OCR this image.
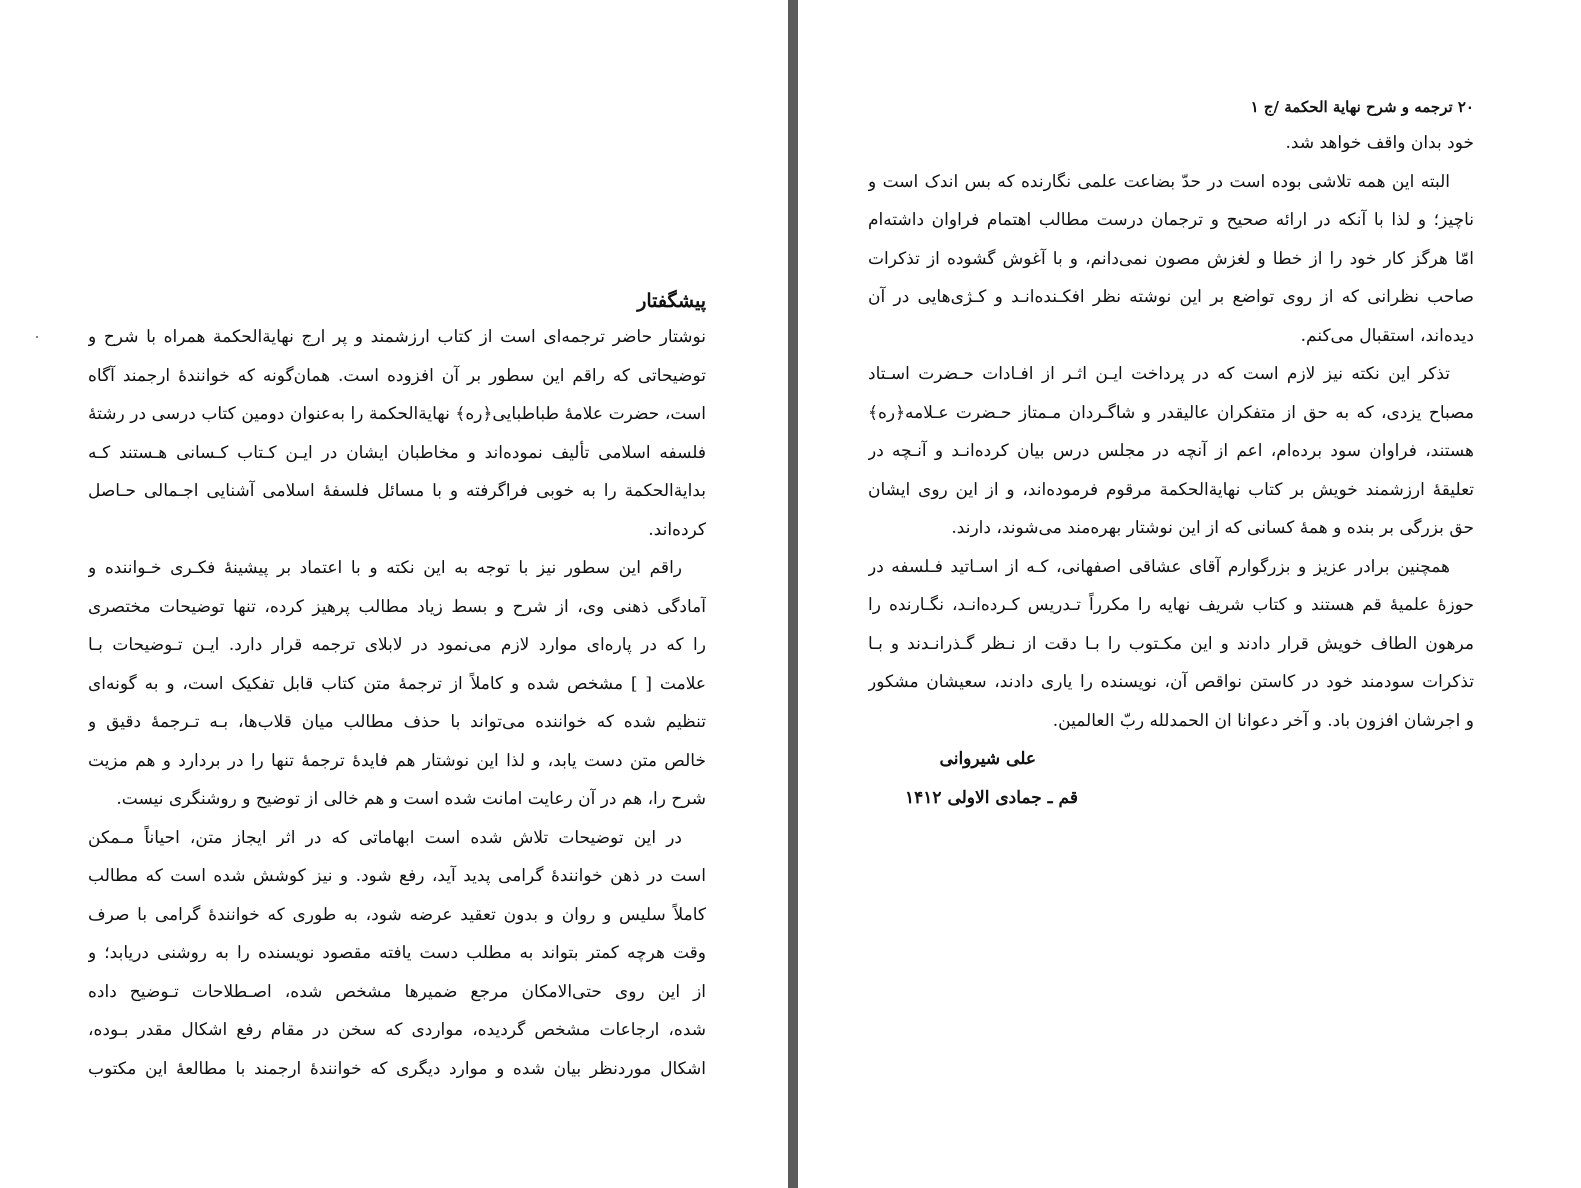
پیشگفتار
نوشتار حاضر ترجمه‌ای است از کتاب ارزشمند و پر ارج نهایةالحکمة همراه با شرح و
توضیحاتی که راقم این سطور بر آن افزوده است. همان‌گونه که خوانندهٔ ارجمند آگاه
است، حضرت علامهٔ طباطبایی﴿ره﴾ نهایةالحکمة را به‌عنوان دومین کتاب درسی در رشتهٔ
فلسفه اسلامی تألیف نموده‌اند و مخاطبان ایشان در ایـن کـتاب کـسانی هـستند کـه
بدایةالحکمة را به خوبی فراگرفته و با مسائل فلسفهٔ اسلامی آشنایی اجـمالی حـاصل
کرده‌اند.
راقم این سطور نیز با توجه به این نکته و با اعتماد بر پیشینهٔ فکـری خـواننده و
آمادگی ذهنی وی، از شرح و بسط زیاد مطالب پرهیز کرده، تنها توضیحات مختصری
را که در پاره‌ای موارد لازم می‌نمود در لابلای ترجمه قرار دارد. ایـن تـوضیحات بـا
علامت [ ] مشخص شده و کاملاً از ترجمهٔ متن کتاب قابل تفکیک است، و به گونه‌ای
تنظیم شده که خواننده می‌تواند با حذف مطالب میان قلاب‌ها، بـه تـرجمهٔ دقیق و
خالص متن دست یابد، و لذا این نوشتار هم فایدهٔ ترجمهٔ تنها را در بردارد و هم مزیت
شرح را، هم در آن رعایت امانت شده است و هم خالی از توضیح و روشنگری نیست.
در این توضیحات تلاش شده است ابهاماتی که در اثر ایجاز متن، احیاناً مـمکن
است در ذهن خوانندهٔ گرامی پدید آید، رفع شود. و نیز کوشش شده است که مطالب
کاملاً سلیس و روان و بدون تعقید عرضه شود، به طوری که خوانندهٔ گرامی با صرف
وقت هرچه کمتر بتواند به مطلب دست یافته مقصود نویسنده را به روشنی دریابد؛ و
از این روی حتی‌الامکان مرجع ضمیرها مشخص شده، اصـطلاحات تـوضیح داده
شده، ارجاعات مشخص گردیده، مواردی که سخن در مقام رفع اشکال مقدر بـوده،
اشکال موردنظر بیان شده و موارد دیگری که خوانندهٔ ارجمند با مطالعهٔ این مکتوب
۲۰ ترجمه و شرح نهایة الحکمة /ج ۱
خود بدان واقف خواهد شد.
البته این همه تلاشی بوده است در حدّ بضاعت علمی نگارنده که بس اندک است و
ناچیز؛ و لذا با آنکه در ارائه صحیح و ترجمان درست مطالب اهتمام فراوان داشته‌ام
امّا هرگز کار خود را از خطا و لغزش مصون نمی‌دانم، و با آغوش گشوده از تذکرات
صاحب نظرانی که از روی تواضع بر این نوشته نظر افکـنده‌انـد و کـژی‌هایی در آن
دیده‌اند، استقبال می‌کنم.
تذکر این نکته نیز لازم است که در پرداخت ایـن اثـر از افـادات حـضرت اسـتاد
مصباح یزدی، که به حق از متفکران عالیقدر و شاگـردان مـمتاز حـضرت عـلامه﴿ره﴾
هستند، فراوان سود برده‌ام، اعم از آنچه در مجلس درس بیان کرده‌انـد و آنـچه در
تعلیقهٔ ارزشمند خویش بر کتاب نهایةالحکمة مرقوم فرموده‌اند، و از این روی ایشان
حق بزرگی بر بنده و همهٔ کسانی که از این نوشتار بهره‌مند می‌شوند، دارند.
همچنین برادر عزیز و بزرگوارم آقای عشاقی اصفهانی، کـه از اسـاتید فـلسفه در
حوزهٔ علمیهٔ قم هستند و کتاب شریف نهایه را مکرراً تـدریس کـرده‌انـد، نگـارنده را
مرهون الطاف خویش قرار دادند و این مکـتوب را بـا دقت از نـظر گـذرانـدند و بـا
تذکرات سودمند خود در کاستن نواقص آن، نویسنده را یاری دادند، سعیشان مشکور
و اجرشان افزون باد. و آخر دعوانا ان الحمدلله ربّ العالمین.
علی شیروانی
قم ـ جمادی الاولی ۱۴۱۲
